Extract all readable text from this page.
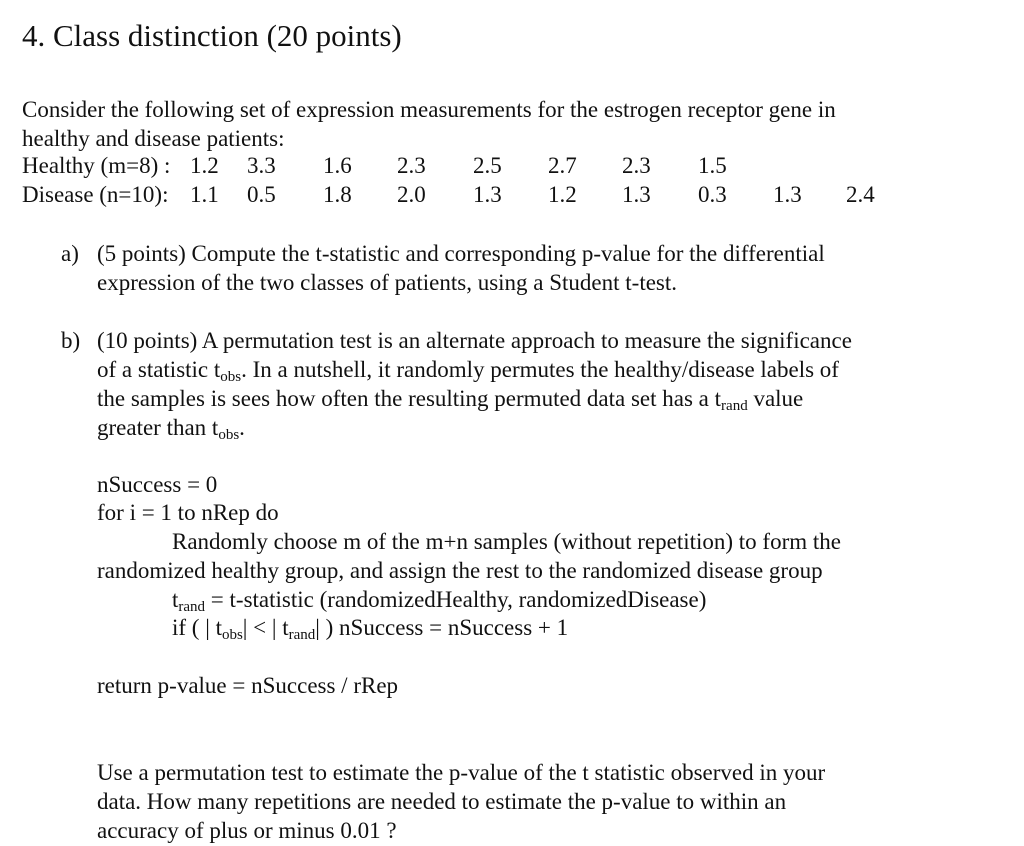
4. Class distinction (20 points)
Consider the following set of expression measurements for the estrogen receptor gene in
healthy and disease patients:
Healthy (m=8) : 1.2 3.3 1.6 2.3 2.5 2.7 2.3 1.5
Disease (n=10): 1.1 0.5 1.8 2.0 1.3 1.2 1.3 0.3 1.3 2.4
a) (5 points) Compute the t-statistic and corresponding p-value for the differential
expression of the two classes of patients, using a Student t-test.
b) (10 points) A permutation test is an alternate approach to measure the significance
of a statistic $t_{obs}$. In a nutshell, it randomly permutes the healthy/disease labels of
the samples is sees how often the resulting permuted data set has a $t_{rand}$ value
greater than $t_{obs}$.
nSuccess = 0
for i = 1 to nRep do
Randomly choose m of the m+n samples (without repetition) to form the
randomized healthy group, and assign the rest to the randomized disease group
$t_{rand}$ = t-statistic (randomizedHealthy, randomizedDisease)
if ( | $t_{obs}|$ < | $t_{rand}|$ ) nSuccess = nSuccess + 1
return p-value = nSuccess / rRep
Use a permutation test to estimate the p-value of the t statistic observed in your
data. How many repetitions are needed to estimate the p-value to within an
accuracy of plus or minus 0.01 ?
